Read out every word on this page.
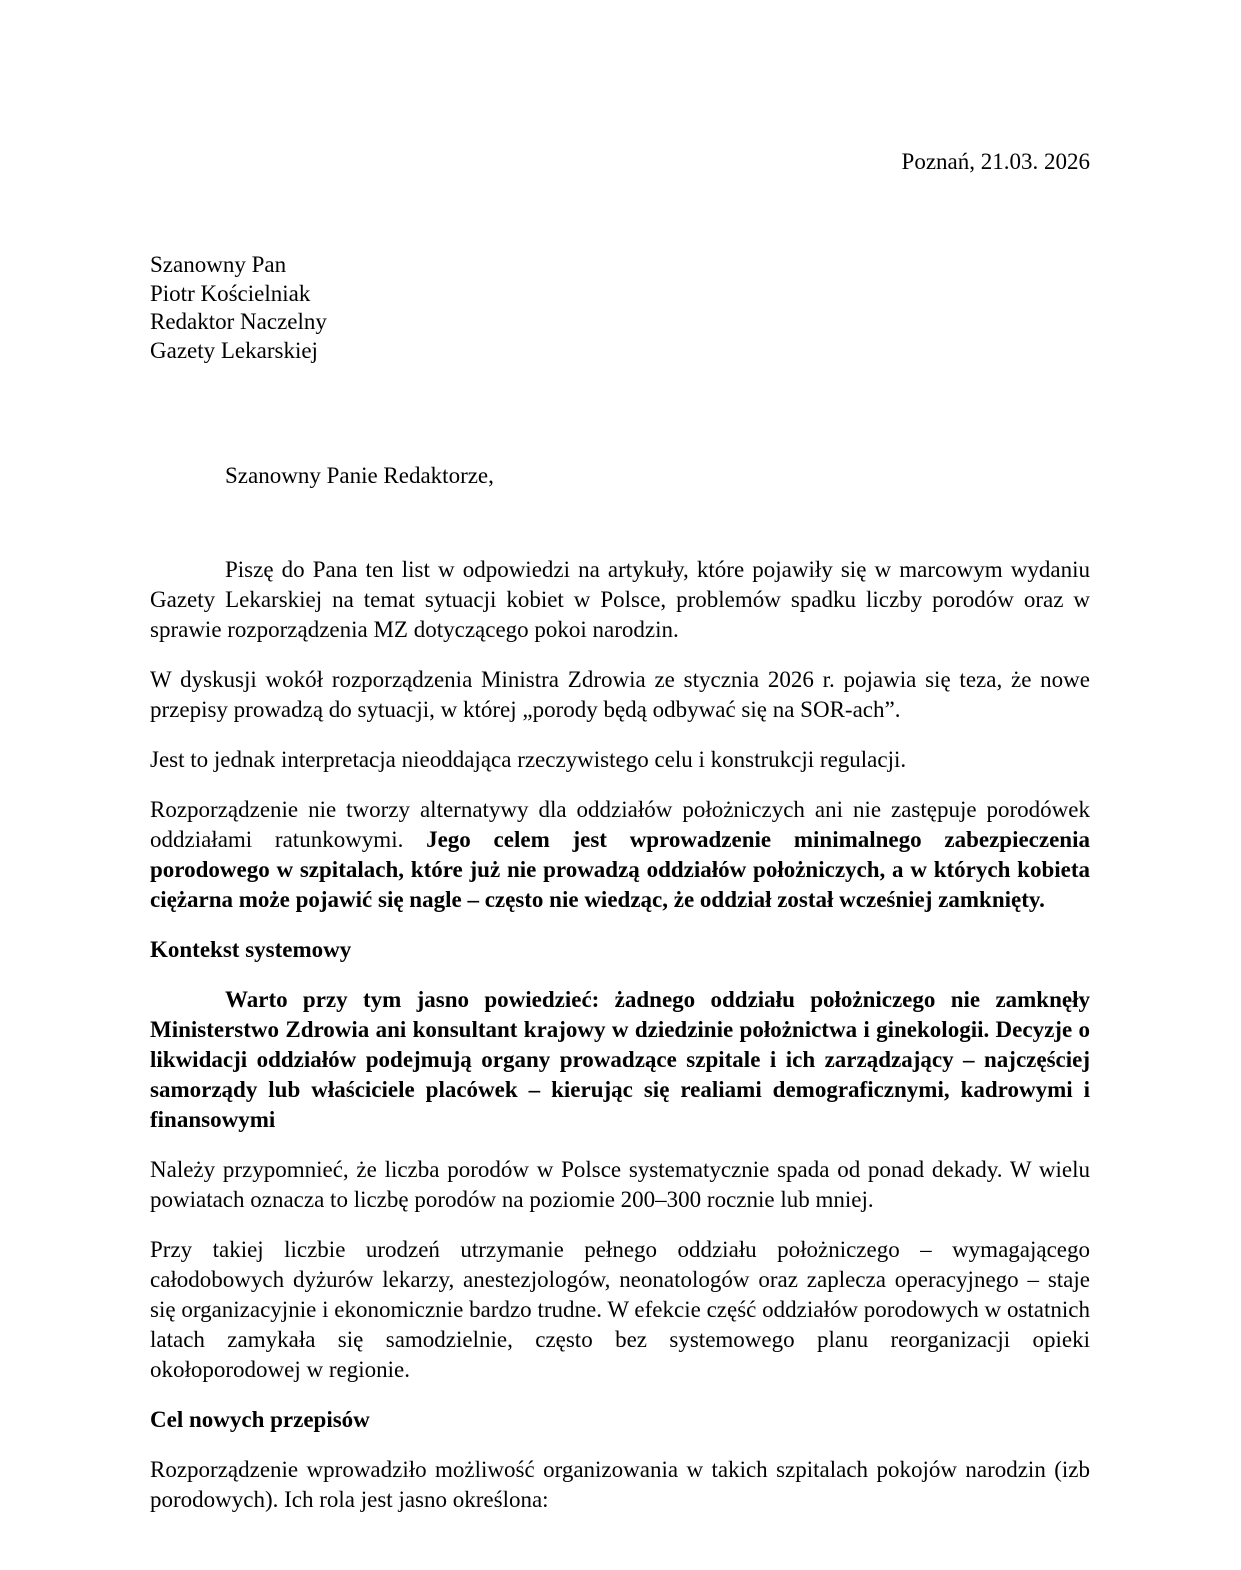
Poznań, 21.03. 2026
Szanowny Pan
Piotr Kościelniak
Redaktor Naczelny
Gazety Lekarskiej
Szanowny Panie Redaktorze,

Piszę do Pana ten list w odpowiedzi na artykuły, które pojawiły się w marcowym wydaniu Gazety Lekarskiej na temat sytuacji kobiet w Polsce, problemów spadku liczby porodów oraz w sprawie rozporządzenia MZ dotyczącego pokoi narodzin.

W dyskusji wokół rozporządzenia Ministra Zdrowia ze stycznia 2026 r. pojawia się teza, że nowe przepisy prowadzą do sytuacji, w której „porody będą odbywać się na SOR-ach”.

Jest to jednak interpretacja nieoddająca rzeczywistego celu i konstrukcji regulacji.

Rozporządzenie nie tworzy alternatywy dla oddziałów położniczych ani nie zastępuje porodówek oddziałami ratunkowymi. Jego celem jest wprowadzenie minimalnego zabezpieczenia porodowego w szpitalach, które już nie prowadzą oddziałów położniczych, a w których kobieta ciężarna może pojawić się nagle – często nie wiedząc, że oddział został wcześniej zamknięty.

Kontekst systemowy

Warto przy tym jasno powiedzieć: żadnego oddziału położniczego nie zamknęły Ministerstwo Zdrowia ani konsultant krajowy w dziedzinie położnictwa i ginekologii. Decyzje o likwidacji oddziałów podejmują organy prowadzące szpitale i ich zarządzający – najczęściej samorządy lub właściciele placówek – kierując się realiami demograficznymi, kadrowymi i finansowymi

Należy przypomnieć, że liczba porodów w Polsce systematycznie spada od ponad dekady. W wielu powiatach oznacza to liczbę porodów na poziomie 200–300 rocznie lub mniej.

Przy takiej liczbie urodzeń utrzymanie pełnego oddziału położniczego – wymagającego całodobowych dyżurów lekarzy, anestezjologów, neonatologów oraz zaplecza operacyjnego – staje się organizacyjnie i ekonomicznie bardzo trudne. W efekcie część oddziałów porodowych w ostatnich latach zamykała się samodzielnie, często bez systemowego planu reorganizacji opieki okołoporodowej w regionie.

Cel nowych przepisów

Rozporządzenie wprowadziło możliwość organizowania w takich szpitalach pokojów narodzin (izb porodowych). Ich rola jest jasno określona:
